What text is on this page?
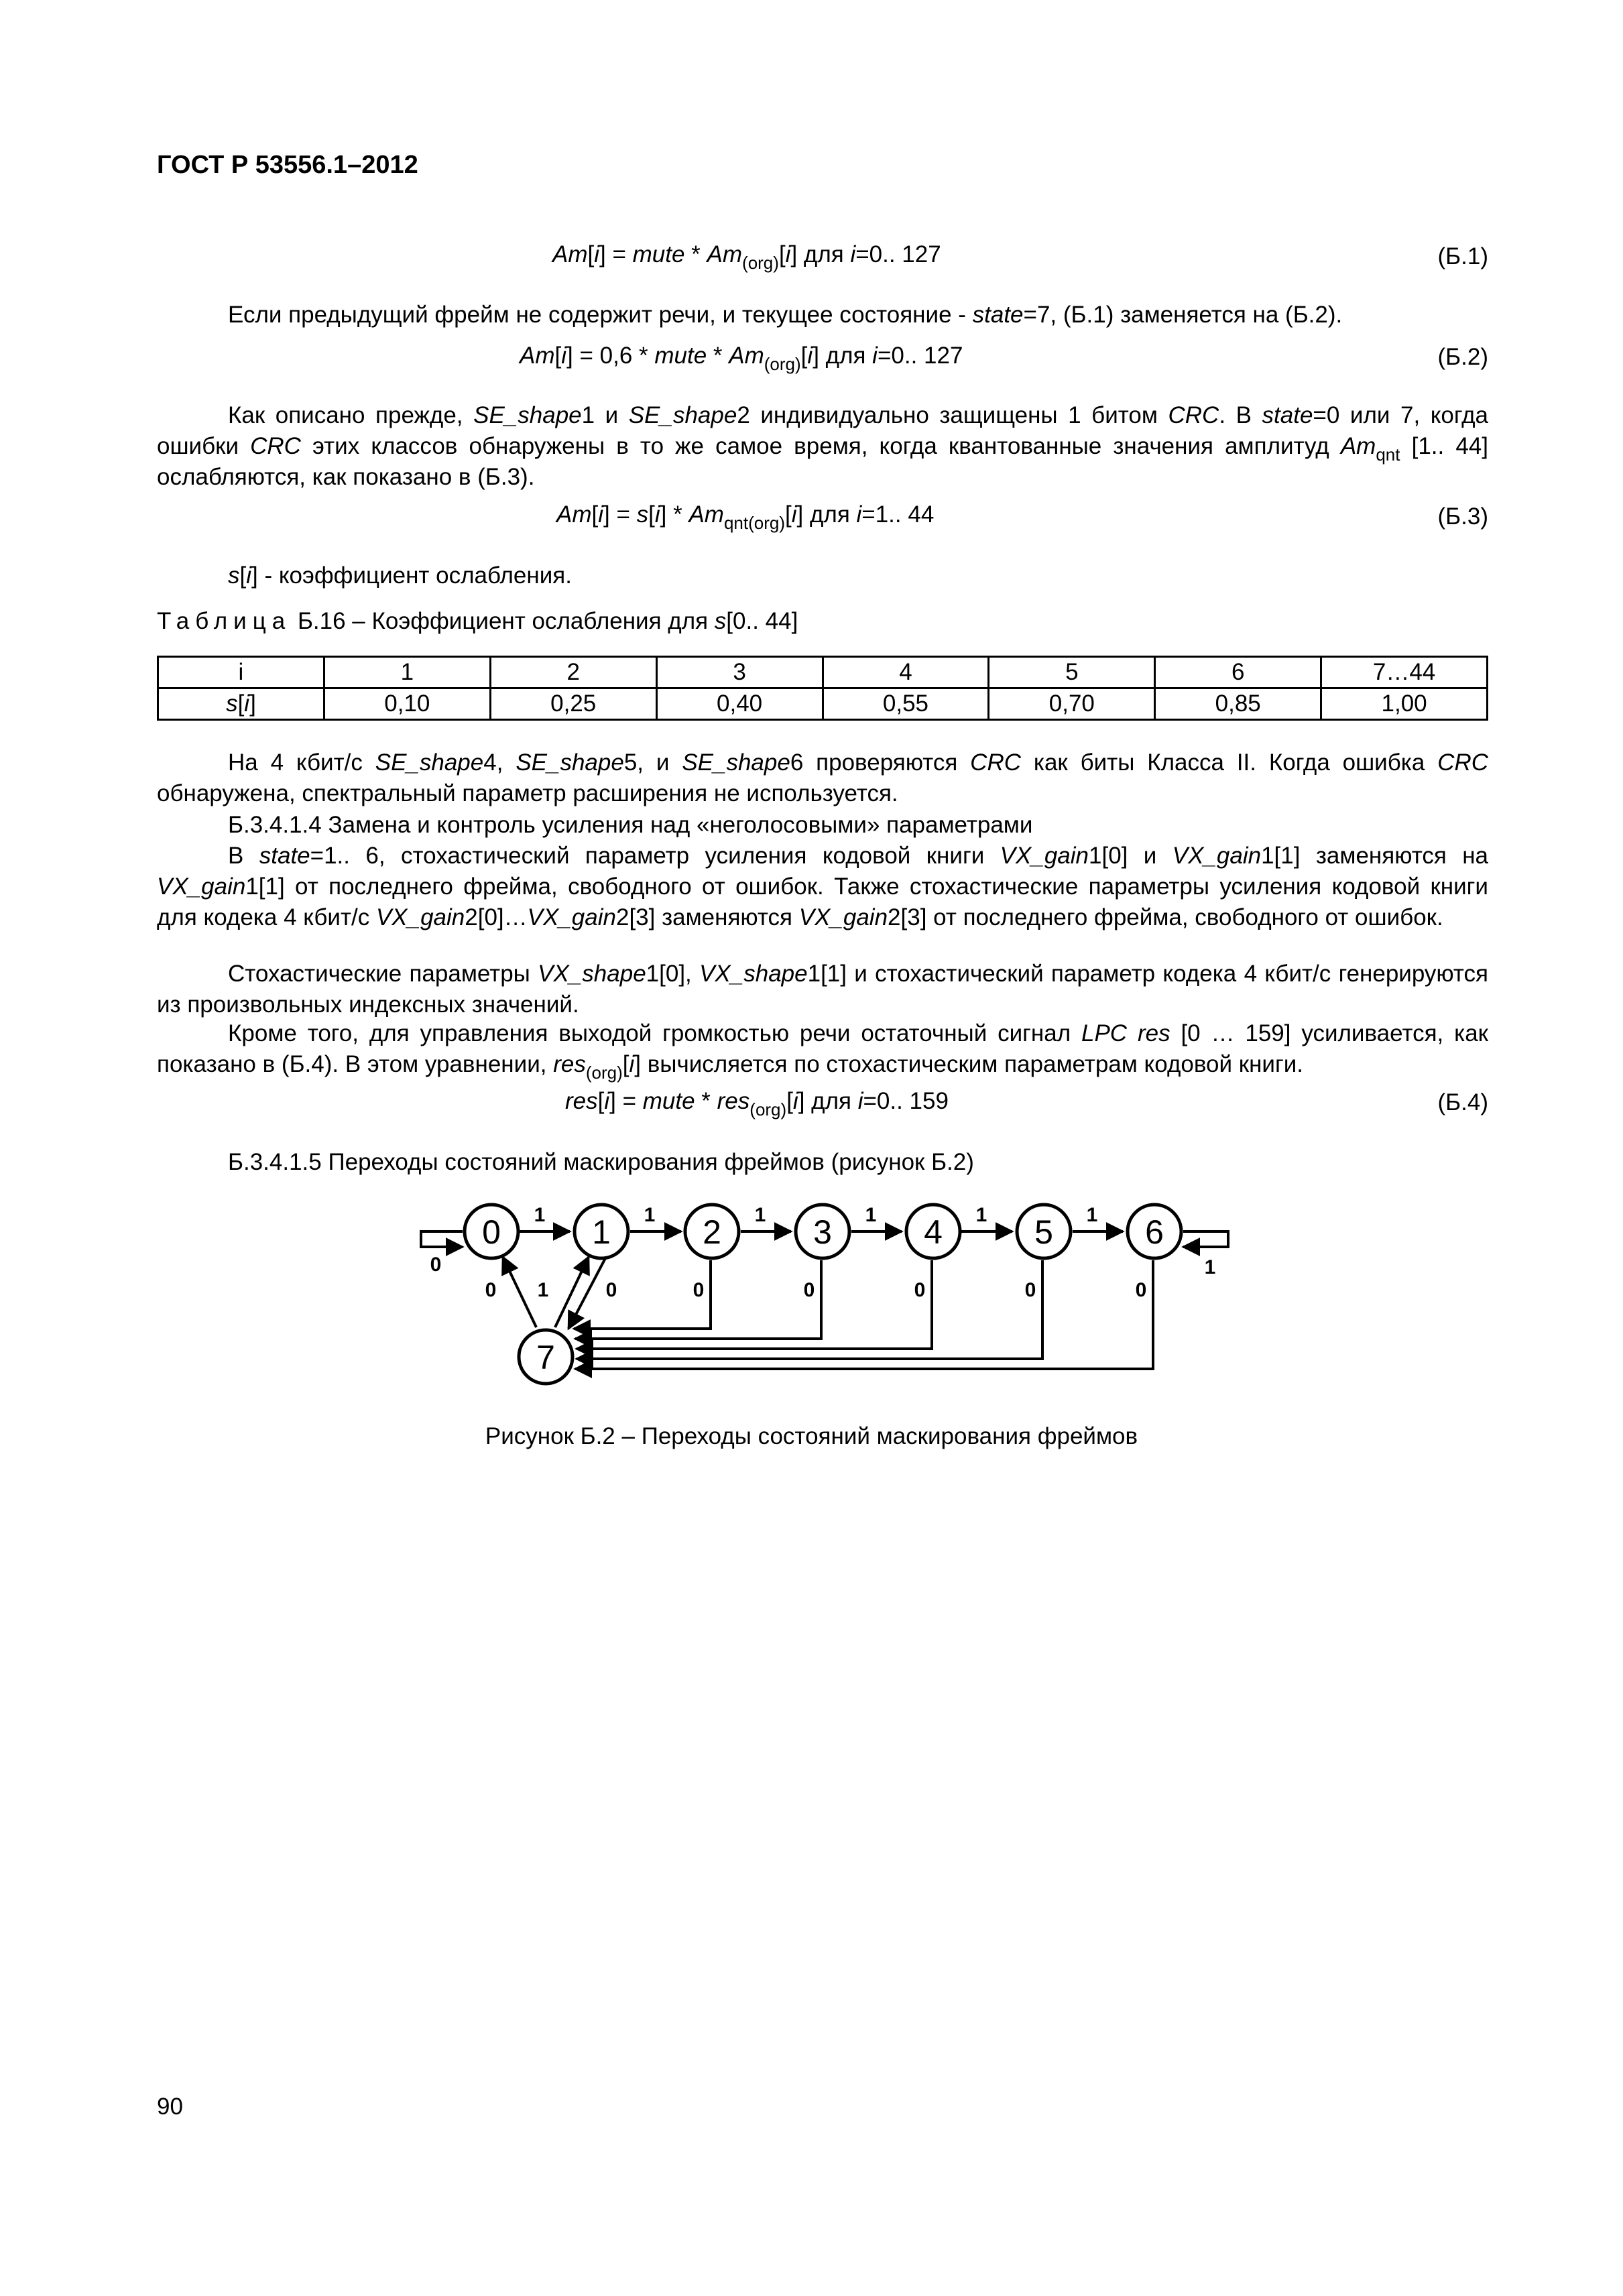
ГОСТ Р 53556.1–2012
Am[i] = mute * $Am_{(org)}[i]$ для i=0.. 127	(Б.1)
Если предыдущий фрейм не содержит речи, и текущее состояние - state=7, (Б.1) заменяется на (Б.2).
Am[i] = 0,6 * mute * $Am_{(org)}[i]$ для i=0.. 127	(Б.2)
Как описано прежде, SE_shape1 и SE_shape2 индивидуально защищены 1 битом CRC. В state=0 или 7, когда ошибки CRC этих классов обнаружены в то же самое время, когда квантованные значения амплитуд $Am_{qnt}$ [1.. 44] ослабляются, как показано в (Б.3).
$Am[i] = s[i] * Am_{qnt(org)}[i]$ для i=1.. 44	(Б.3)
s[i] - коэффициент ослабления.
Таблица Б.16 – Коэффициент ослабления для s[0.. 44]
i	1	2	3	4	5	6	7…44
s[i]	0,10	0,25	0,40	0,55	0,70	0,85	1,00
На 4 кбит/с SE_shape4, SE_shape5, и SE_shape6 проверяются CRC как биты Класса II. Когда ошибка CRC обнаружена, спектральный параметр расширения не используется.
Б.3.4.1.4 Замена и контроль усиления над «неголосовыми» параметрами
В state=1.. 6, стохастический параметр усиления кодовой книги VX_gain1[0] и VX_gain1[1] заменяются на VX_gain1[1] от последнего фрейма, свободного от ошибок. Также стохастические параметры усиления кодовой книги для кодека 4 кбит/с VX_gain2[0]…VX_gain2[3] заменяются VX_gain2[3] от последнего фрейма, свободного от ошибок.
Стохастические параметры VX_shape1[0], VX_shape1[1] и стохастический параметр кодека 4 кбит/с генерируются из произвольных индексных значений.
Кроме того, для управления выходой громкостью речи остаточный сигнал LPC res [0 … 159] усиливается, как показано в (Б.4). В этом уравнении, res$_{(org)}$[i] вычисляется по стохастическим параметрам кодовой книги.
res[i] = mute * res$_{(org)}$[i] для i=0.. 159	(Б.4)
Б.3.4.1.5 Переходы состояний маскирования фреймов (рисунок Б.2)
0	1	2	3	4	5	6
7
1	1	1	1	1	1
1
1
0
0	0	0	0	0	0	0
Рисунок Б.2 – Переходы состояний маскирования фреймов
90
